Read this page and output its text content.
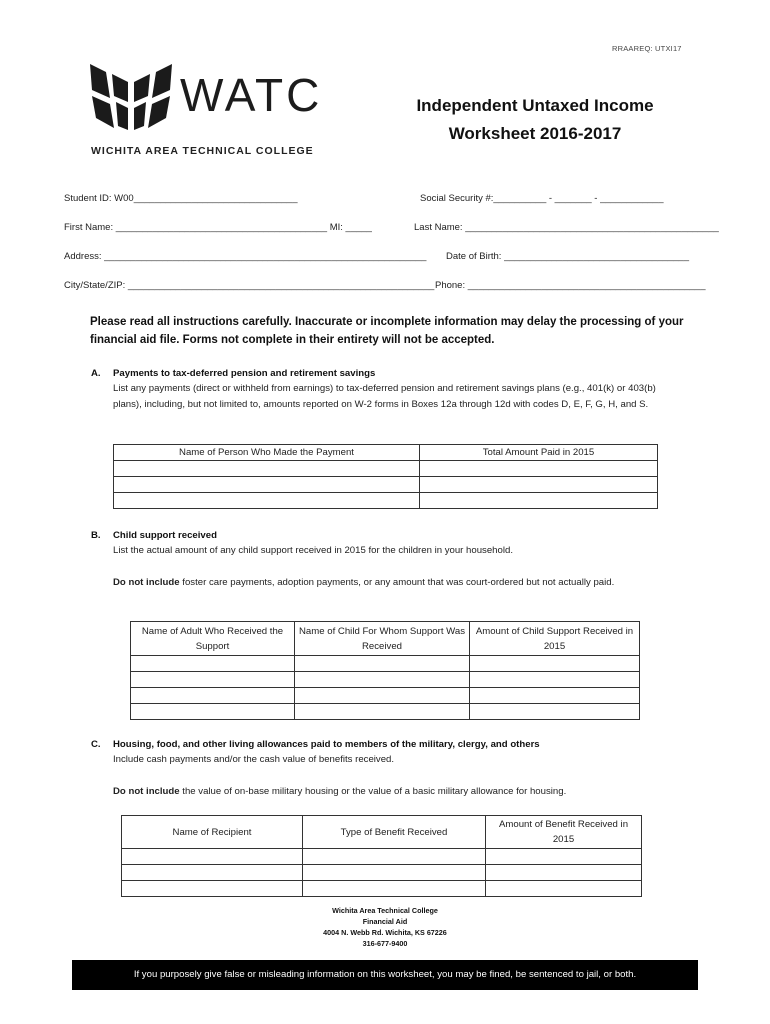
RRAAREQ: UTXI17
WATC
WICHITA AREA TECHNICAL COLLEGE
Independent Untaxed Income
Worksheet 2016-2017
Student ID: W00_______________________________	Social Security #:__________ - _______ - ____________
First Name: ________________________________________ MI: _____	Last Name: ________________________________________________
Address: _____________________________________________________________ Date of Birth: ___________________________________
City/State/ZIP: __________________________________________________________ Phone: _____________________________________________
Please read all instructions carefully. Inaccurate or incomplete information may delay the processing of your financial aid file. Forms not complete in their entirety will not be accepted.
A. Payments to tax-deferred pension and retirement savings
List any payments (direct or withheld from earnings) to tax-deferred pension and retirement savings plans (e.g., 401(k) or 403(b) plans), including, but not limited to, amounts reported on W-2 forms in Boxes 12a through 12d with codes D, E, F, G, H, and S.
Name of Person Who Made the Payment	Total Amount Paid in 2015

B. Child support received
List the actual amount of any child support received in 2015 for the children in your household.
Do not include foster care payments, adoption payments, or any amount that was court-ordered but not actually paid.
Name of Adult Who Received the Support	Name of Child For Whom Support Was Received	Amount of Child Support Received in 2015

C. Housing, food, and other living allowances paid to members of the military, clergy, and others
Include cash payments and/or the cash value of benefits received.
Do not include the value of on-base military housing or the value of a basic military allowance for housing.
Name of Recipient	Type of Benefit Received	Amount of Benefit Received in 2015

Wichita Area Technical College
Financial Aid
4004 N. Webb Rd. Wichita, KS 67226
316-677-9400
If you purposely give false or misleading information on this worksheet, you may be fined, be sentenced to jail, or both.
